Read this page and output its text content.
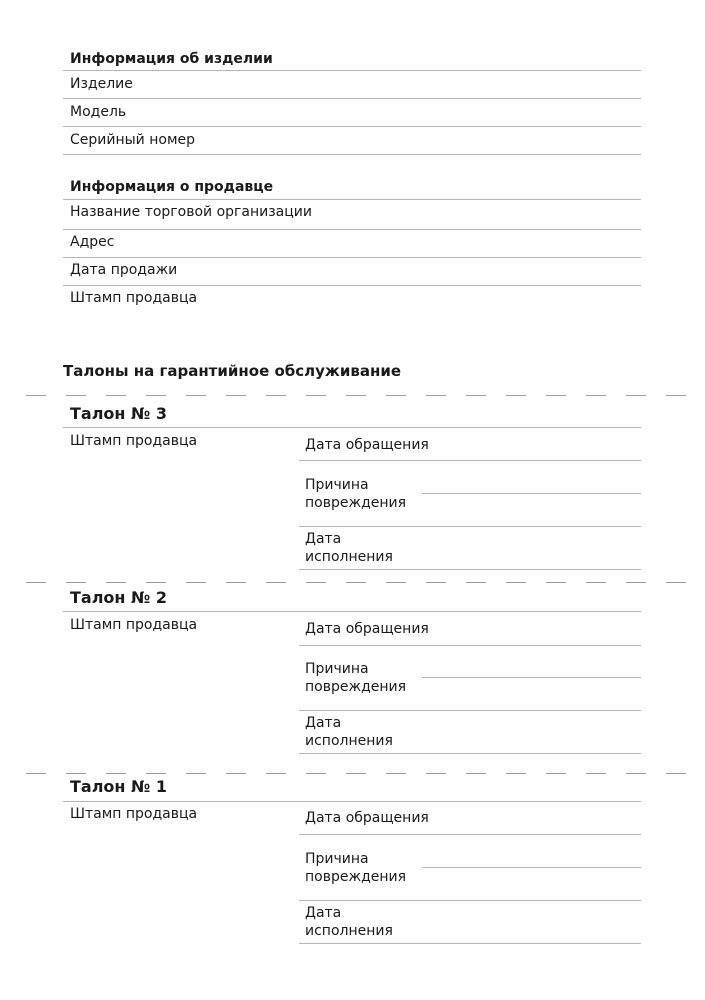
Информация об изделии
Изделие
Модель
Серийный номер
Информация о продавце
Название торговой организации
Адрес
Дата продажи
Штамп продавца
Талоны на гарантийное обслуживание
Талон № 3
Штамп продавца	Дата обращения
Причина повреждения
Дата исполнения
Талон № 2
Штамп продавца	Дата обращения
Причина повреждения
Дата исполнения
Талон № 1
Штамп продавца	Дата обращения
Причина повреждения
Дата исполнения
